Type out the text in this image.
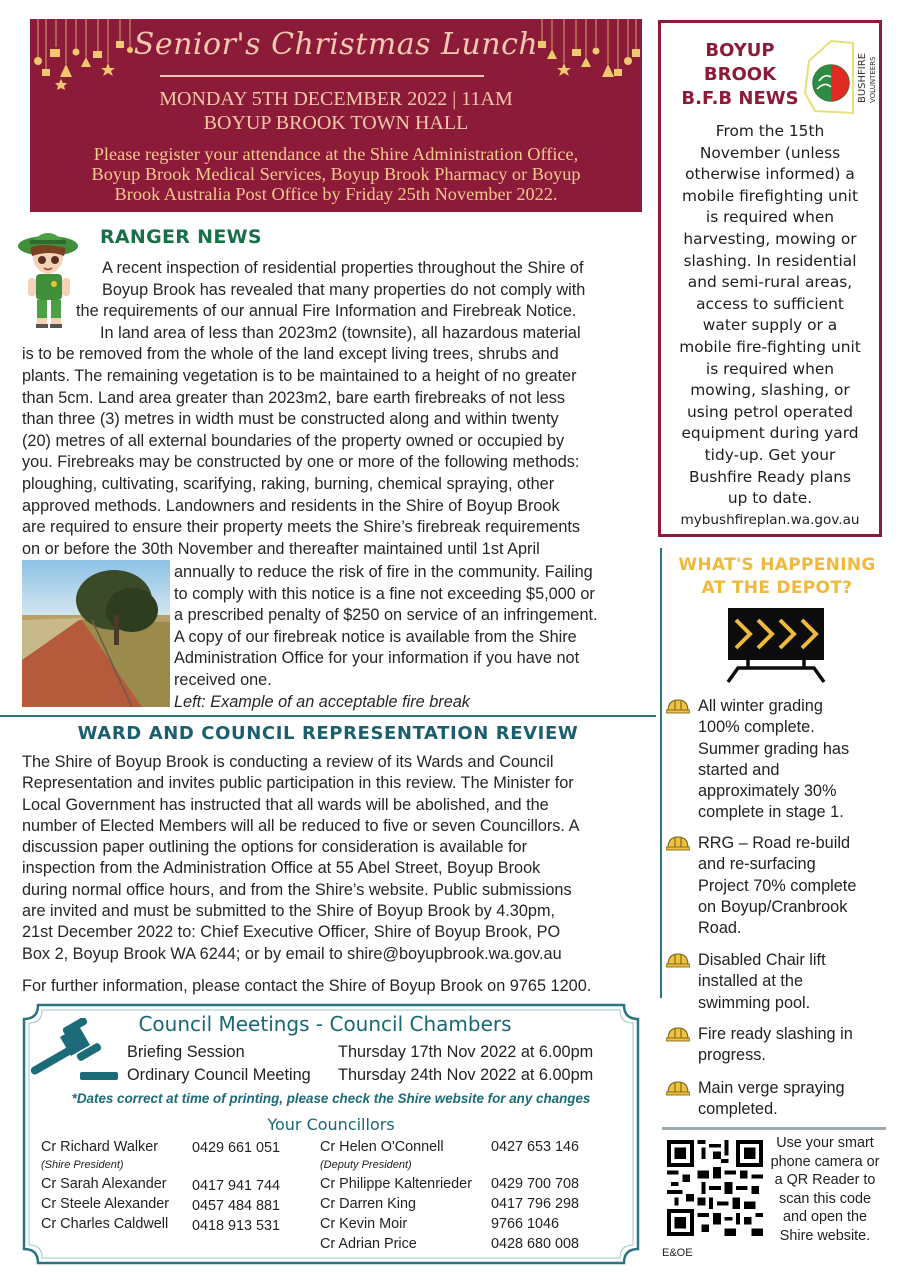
Senior's Christmas Lunch
MONDAY 5TH DECEMBER 2022 | 11AM
BOYUP BROOK TOWN HALL
Please register your attendance at the Shire Administration Office,
Boyup Brook Medical Services, Boyup Brook Pharmacy or Boyup
Brook Australia Post Office by Friday 25th November 2022.
BOYUP
BROOK
B.F.B NEWS	BUSHFIRE VOLUNTEERS
From the 15th
November (unless
otherwise informed) a
mobile firefighting unit
is required when
harvesting, mowing or
slashing. In residential
and semi-rural areas,
access to sufficient
water supply or a
mobile fire-fighting unit
is required when
mowing, slashing, or
using petrol operated
equipment during yard
tidy-up. Get your
Bushfire Ready plans
up to date.
mybushfireplan.wa.gov.au
RANGER NEWS
A recent inspection of residential properties throughout the Shire of
Boyup Brook has revealed that many properties do not comply with
the requirements of our annual Fire Information and Firebreak Notice.
In land area of less than 2023m2 (townsite), all hazardous material
is to be removed from the whole of the land except living trees, shrubs and
plants. The remaining vegetation is to be maintained to a height of no greater
than 5cm. Land area greater than 2023m2, bare earth firebreaks of not less
than three (3) metres in width must be constructed along and within twenty
(20) metres of all external boundaries of the property owned or occupied by
you. Firebreaks may be constructed by one or more of the following methods:
ploughing, cultivating, scarifying, raking, burning, chemical spraying, other
approved methods. Landowners and residents in the Shire of Boyup Brook
are required to ensure their property meets the Shire’s firebreak requirements
on or before the 30th November and thereafter maintained until 1st April
annually to reduce the risk of fire in the community. Failing
to comply with this notice is a fine not exceeding $5,000 or
a prescribed penalty of $250 on service of an infringement.
A copy of our firebreak notice is available from the Shire
Administration Office for your information if you have not
received one.
Left: Example of an acceptable fire break
WARD AND COUNCIL REPRESENTATION REVIEW
The Shire of Boyup Brook is conducting a review of its Wards and Council
Representation and invites public participation in this review. The Minister for
Local Government has instructed that all wards will be abolished, and the
number of Elected Members will all be reduced to five or seven Councillors. A
discussion paper outlining the options for consideration is available for
inspection from the Administration Office at 55 Abel Street, Boyup Brook
during normal office hours, and from the Shire’s website. Public submissions
are invited and must be submitted to the Shire of Boyup Brook by 4.30pm,
21st December 2022 to: Chief Executive Officer, Shire of Boyup Brook, PO
Box 2, Boyup Brook WA 6244; or by email to shire@boyupbrook.wa.gov.au
For further information, please contact the Shire of Boyup Brook on 9765 1200.
Council Meetings - Council Chambers
Briefing Session	Thursday 17th Nov 2022 at 6.00pm
Ordinary Council Meeting Thursday 24th Nov 2022 at 6.00pm
*Dates correct at time of printing, please check the Shire website for any changes
Your Councillors
Cr Richard Walker 0429 661 051
(Shire President)
Cr Sarah Alexander 0417 941 744
Cr Steele Alexander 0457 484 881
Cr Charles Caldwell 0418 913 531
Cr Helen O'Connell	0427 653 146
(Deputy President)
Cr Philippe Kaltenrieder 0429 700 708
Cr Darren King	0417 796 298
Cr Kevin Moir	9766 1046
Cr Adrian Price	0428 680 008
WHAT'S HAPPENING
AT THE DEPOT?
All winter grading
100% complete.
Summer grading has
started and
approximately 30%
complete in stage 1.
RRG – Road re-build
and re-surfacing
Project 70% complete
on Boyup/Cranbrook
Road.
Disabled Chair lift
installed at the
swimming pool.
Fire ready slashing in
progress.
Main verge spraying
completed.
Use your smart
phone camera or
a QR Reader to
scan this code
and open the
Shire website.
E&OE
